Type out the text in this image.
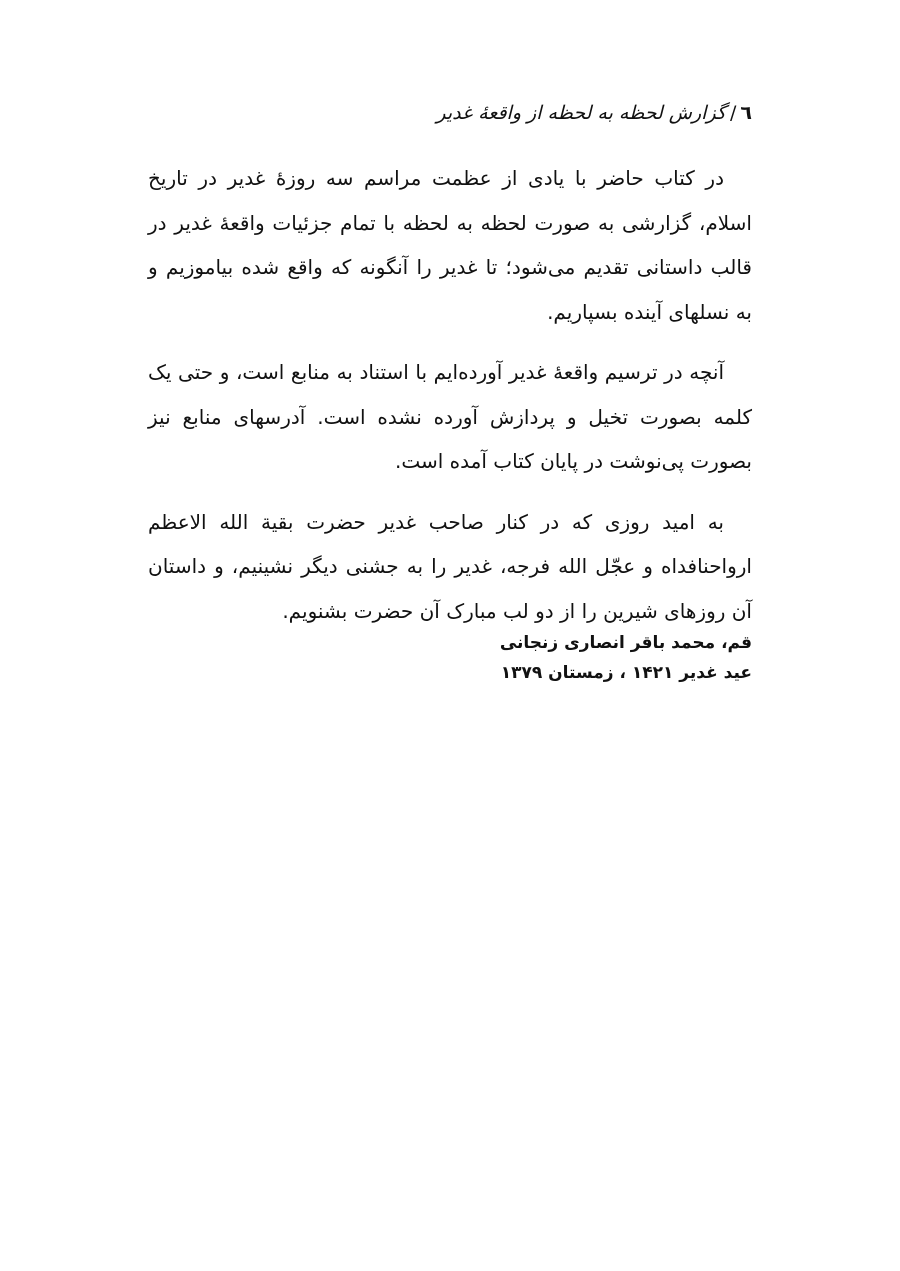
٦/گزارش لحظه به لحظه از واقعۀ غدیر

در کتاب حاضر با یادی از عظمت مراسم سه روزۀ غدیر در تاریخ اسلام، گزارشی به صورت لحظه به لحظه با تمام جزئیات واقعۀ غدیر در قالب داستانی تقدیم می‌شود؛ تا غدیر را آنگونه که واقع شده بیاموزیم و به نسلهای آینده بسپاریم.

آنچه در ترسیم واقعۀ غدیر آورده‌ایم با استناد به منابع است، و حتی یک کلمه بصورت تخیل و پردازش آورده نشده است. آدرسهای منابع نیز بصورت پی‌نوشت در پایان کتاب آمده است.

به امید روزی که در کنار صاحب غدیر حضرت بقیة الله الاعظم ارواحنافداه و عجّل الله فرجه، غدیر را به جشنی دیگر نشینیم، و داستان آن روزهای شیرین را از دو لب مبارک آن حضرت بشنویم.

قم، محمد باقر انصاری زنجانی
عید غدیر ۱۴۲۱ ، زمستان ۱۳۷۹
